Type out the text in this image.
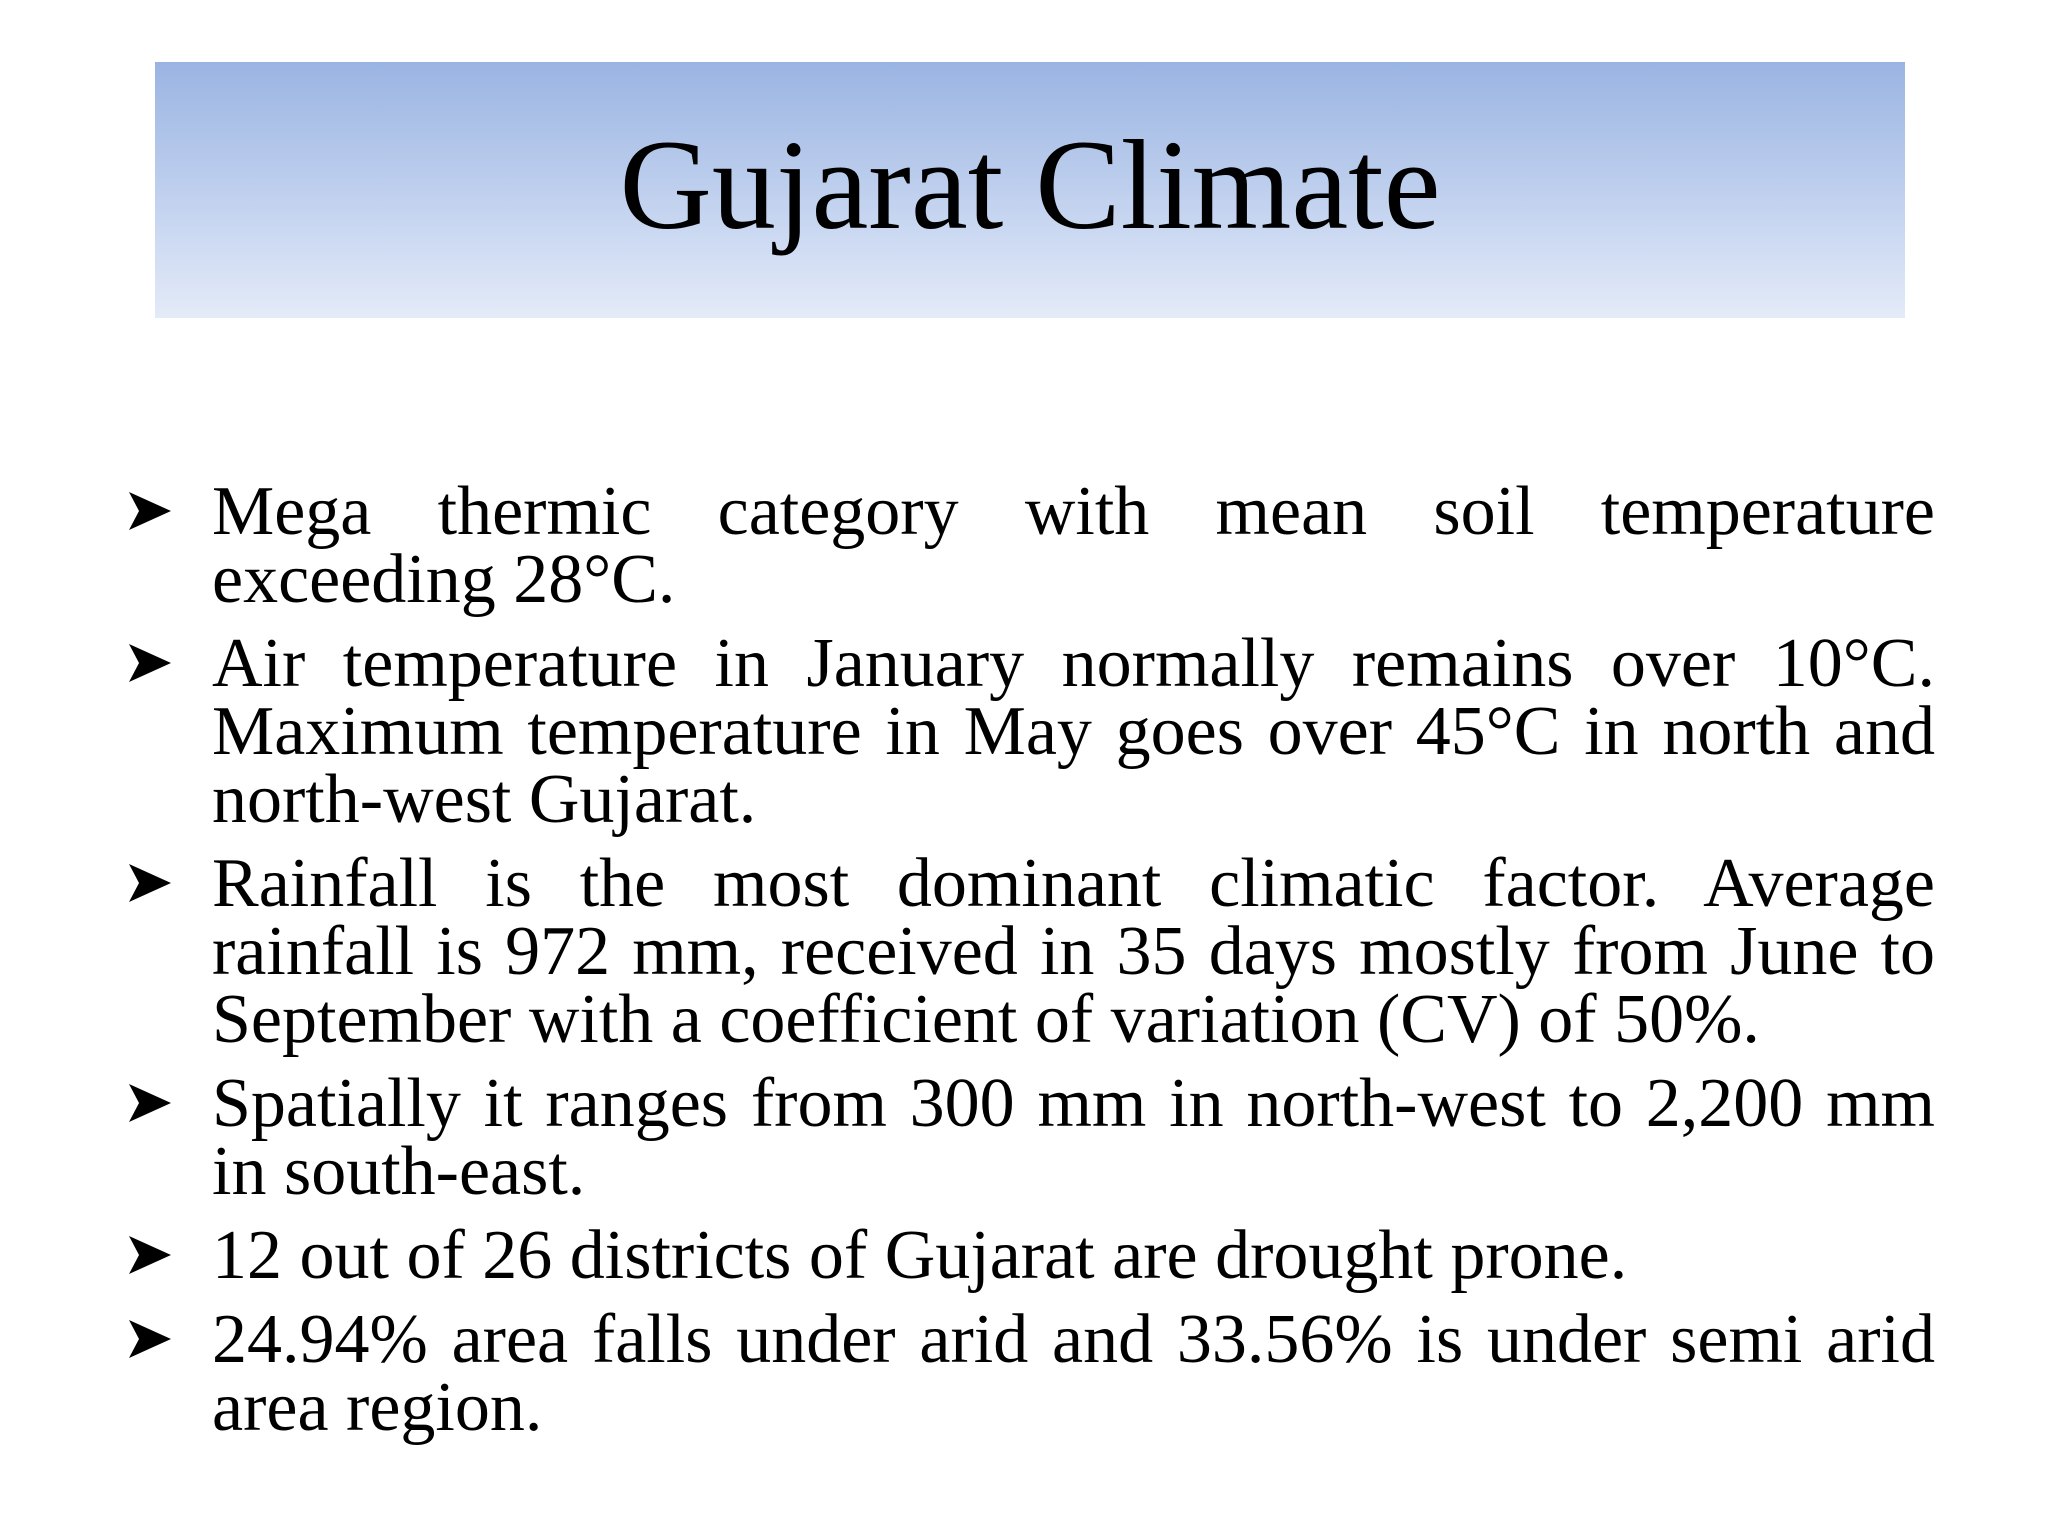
Gujarat Climate
Mega thermic category with mean soil temperature exceeding 28°C.
Air temperature in January normally remains over 10°C. Maximum temperature in May goes over 45°C in north and north-west Gujarat.
Rainfall is the most dominant climatic factor. Average rainfall is 972 mm, received in 35 days mostly from June to September with a coefficient of variation (CV) of 50%.
Spatially it ranges from 300 mm in north-west to 2,200 mm in south-east.
12 out of 26 districts of Gujarat are drought prone.
24.94% area falls under arid and 33.56% is under semi arid area region.
